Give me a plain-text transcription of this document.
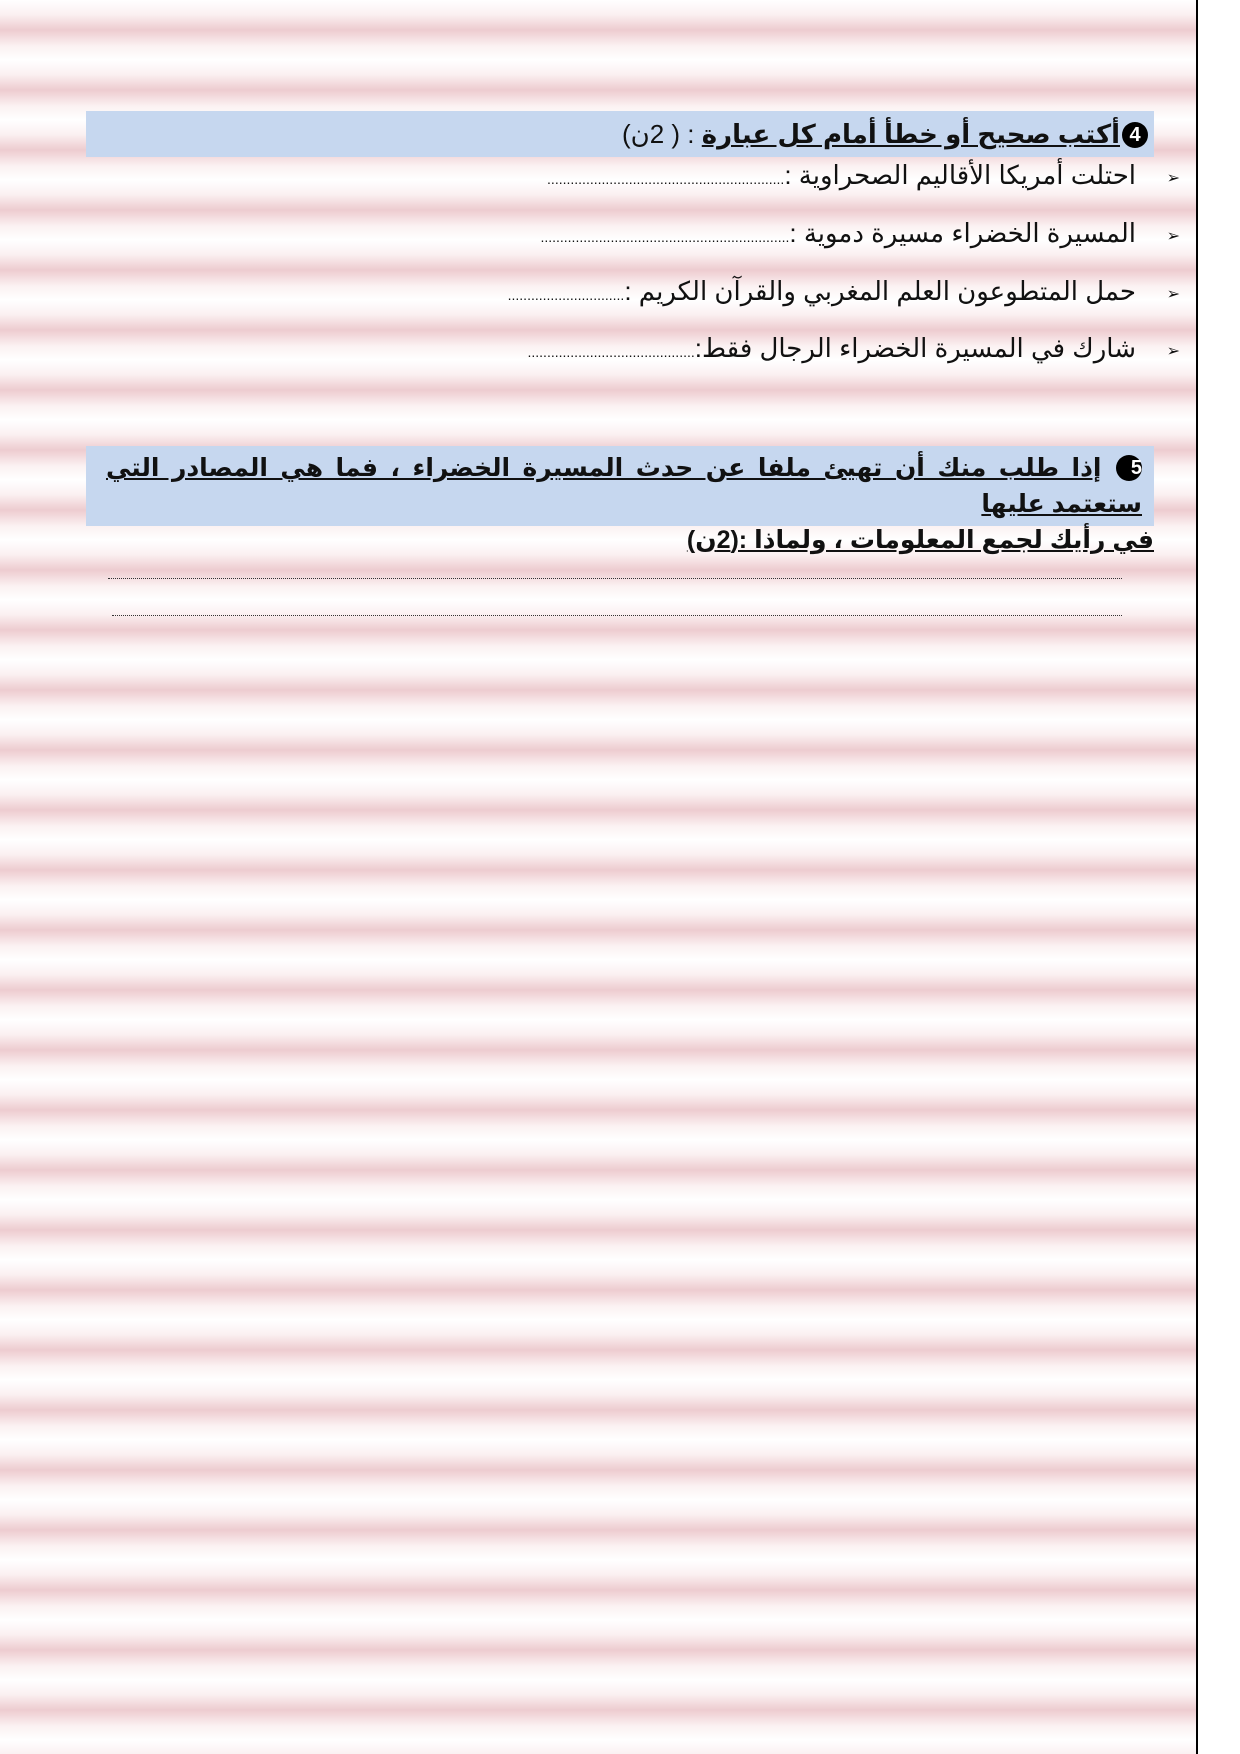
4أكتب صحيح أو خطأ أمام كل عبارة : ( 2ن)
➢
احتلت أمريكا الأقاليم الصحراوية :.............................................................
➢
المسيرة الخضراء مسيرة دموية :................................................................
➢
حمل المتطوعون العلم المغربي والقرآن الكريم :..............................
➢
شارك في المسيرة الخضراء الرجال فقط:...........................................
5 إذا طلب منك أن تهيئ ملفا عن حدث المسيرة الخضراء ، فما هي المصادر التي ستعتمد عليها
في رأيك لجمع المعلومات ، ولماذا :(2ن)
